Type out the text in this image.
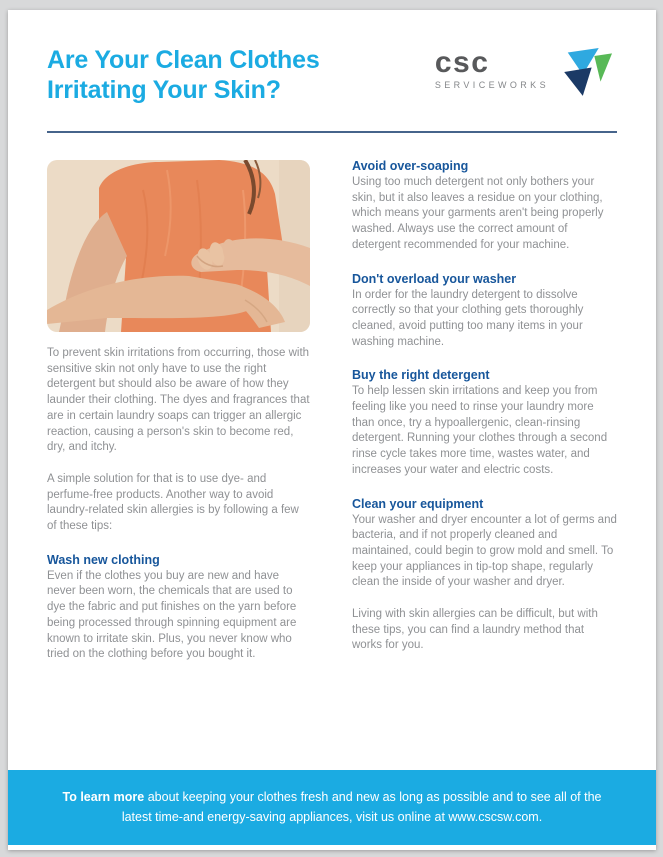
Are Your Clean Clothes
Irritating Your Skin?
csc
SERVICEWORKS

To prevent skin irritations from occurring, those with sensitive skin not only have to use the right detergent but should also be aware of how they launder their clothing. The dyes and fragrances that are in certain laundry soaps can trigger an allergic reaction, causing a person's skin to become red, dry, and itchy.

A simple solution for that is to use dye- and perfume-free products. Another way to avoid laundry-related skin allergies is by following a few of these tips:

Wash new clothing

Even if the clothes you buy are new and have never been worn, the chemicals that are used to dye the fabric and put finishes on the yarn before being processed through spinning equipment are known to irritate skin. Plus, you never know who tried on the clothing before you bought it.

Avoid over-soaping

Using too much detergent not only bothers your skin, but it also leaves a residue on your clothing, which means your garments aren't being properly washed. Always use the correct amount of detergent recommended for your machine.

Don't overload your washer

In order for the laundry detergent to dissolve correctly so that your clothing gets thoroughly cleaned, avoid putting too many items in your washing machine.

Buy the right detergent

To help lessen skin irritations and keep you from feeling like you need to rinse your laundry more than once, try a hypoallergenic, clean-rinsing detergent. Running your clothes through a second rinse cycle takes more time, wastes water, and increases your water and electric costs.

Clean your equipment

Your washer and dryer encounter a lot of germs and bacteria, and if not properly cleaned and maintained, could begin to grow mold and smell. To keep your appliances in tip-top shape, regularly clean the inside of your washer and dryer.

Living with skin allergies can be difficult, but with these tips, you can find a laundry method that works for you.

To learn more about keeping your clothes fresh and new as long as possible and to see all of the latest time-and energy-saving appliances, visit us online at www.cscsw.com.
